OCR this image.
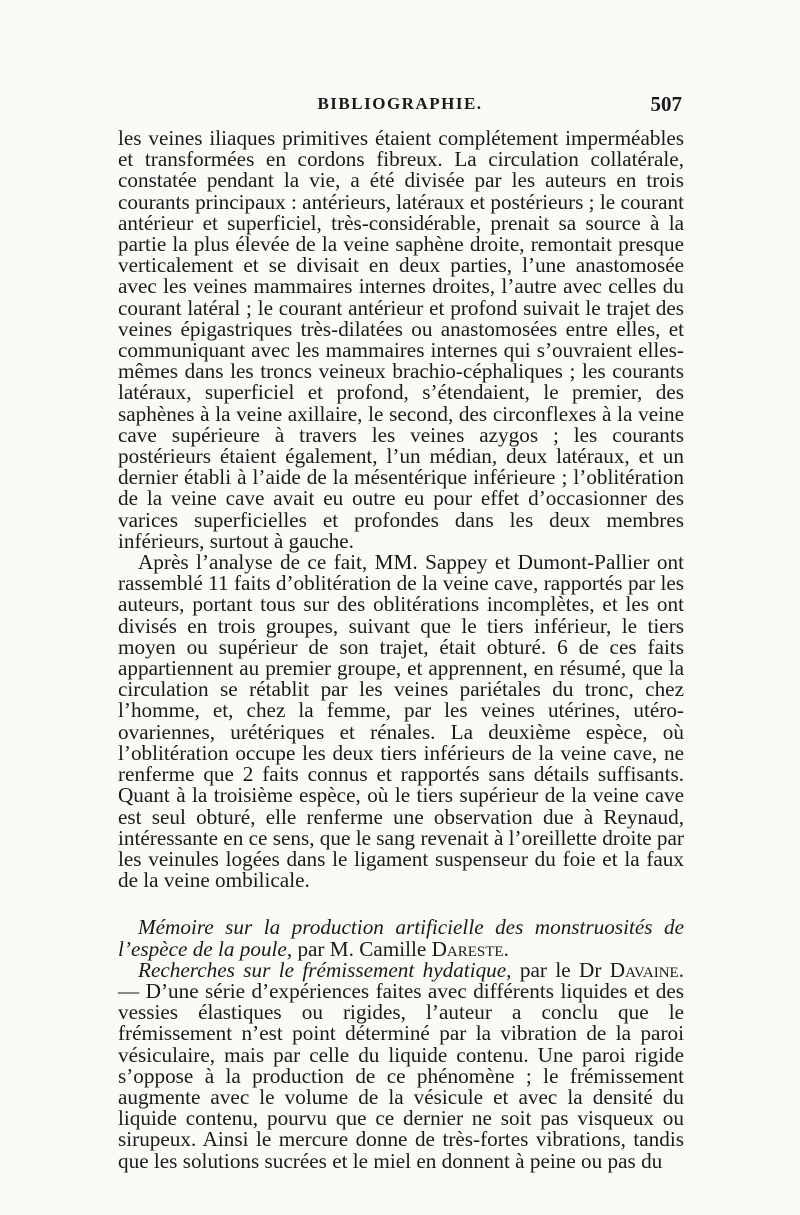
BIBLIOGRAPHIE.	507

les veines iliaques primitives étaient complétement imperméables et transformées en cordons fibreux. La circulation collatérale, constatée pendant la vie, a été divisée par les auteurs en trois courants principaux : antérieurs, latéraux et postérieurs ; le courant antérieur et superficiel, très-considérable, prenait sa source à la partie la plus élevée de la veine saphène droite, remontait presque verticalement et se divisait en deux parties, l’une anastomosée avec les veines mammaires internes droites, l’autre avec celles du courant latéral ; le courant antérieur et profond suivait le trajet des veines épigastriques très-dilatées ou anastomosées entre elles, et communiquant avec les mammaires internes qui s’ouvraient elles-mêmes dans les troncs veineux brachio-céphaliques ; les courants latéraux, superficiel et profond, s’étendaient, le premier, des saphènes à la veine axillaire, le second, des circonflexes à la veine cave supérieure à travers les veines azygos ; les courants postérieurs étaient également, l’un médian, deux latéraux, et un dernier établi à l’aide de la mésentérique inférieure ; l’oblitération de la veine cave avait eu outre eu pour effet d’occasionner des varices superficielles et profondes dans les deux membres inférieurs, surtout à gauche.

Après l’analyse de ce fait, MM. Sappey et Dumont-Pallier ont rassemblé 11 faits d’oblitération de la veine cave, rapportés par les auteurs, portant tous sur des oblitérations incomplètes, et les ont divisés en trois groupes, suivant que le tiers inférieur, le tiers moyen ou supérieur de son trajet, était obturé. 6 de ces faits appartiennent au premier groupe, et apprennent, en résumé, que la circulation se rétablit par les veines pariétales du tronc, chez l’homme, et, chez la femme, par les veines utérines, utéro-ovariennes, urétériques et rénales. La deuxième espèce, où l’oblitération occupe les deux tiers inférieurs de la veine cave, ne renferme que 2 faits connus et rapportés sans détails suffisants. Quant à la troisième espèce, où le tiers supérieur de la veine cave est seul obturé, elle renferme une observation due à Reynaud, intéressante en ce sens, que le sang revenait à l’oreillette droite par les veinules logées dans le ligament suspenseur du foie et la faux de la veine ombilicale.

Mémoire sur la production artificielle des monstruosités de l’espèce de la poule, par M. Camille Dareste.

Recherches sur le frémissement hydatique, par le Dr Davaine. — D’une série d’expériences faites avec différents liquides et des vessies élastiques ou rigides, l’auteur a conclu que le frémissement n’est point déterminé par la vibration de la paroi vésiculaire, mais par celle du liquide contenu. Une paroi rigide s’oppose à la production de ce phénomène ; le frémissement augmente avec le volume de la vésicule et avec la densité du liquide contenu, pourvu que ce dernier ne soit pas visqueux ou sirupeux. Ainsi le mercure donne de très-fortes vibrations, tandis que les solutions sucrées et le miel en donnent à peine ou pas du
